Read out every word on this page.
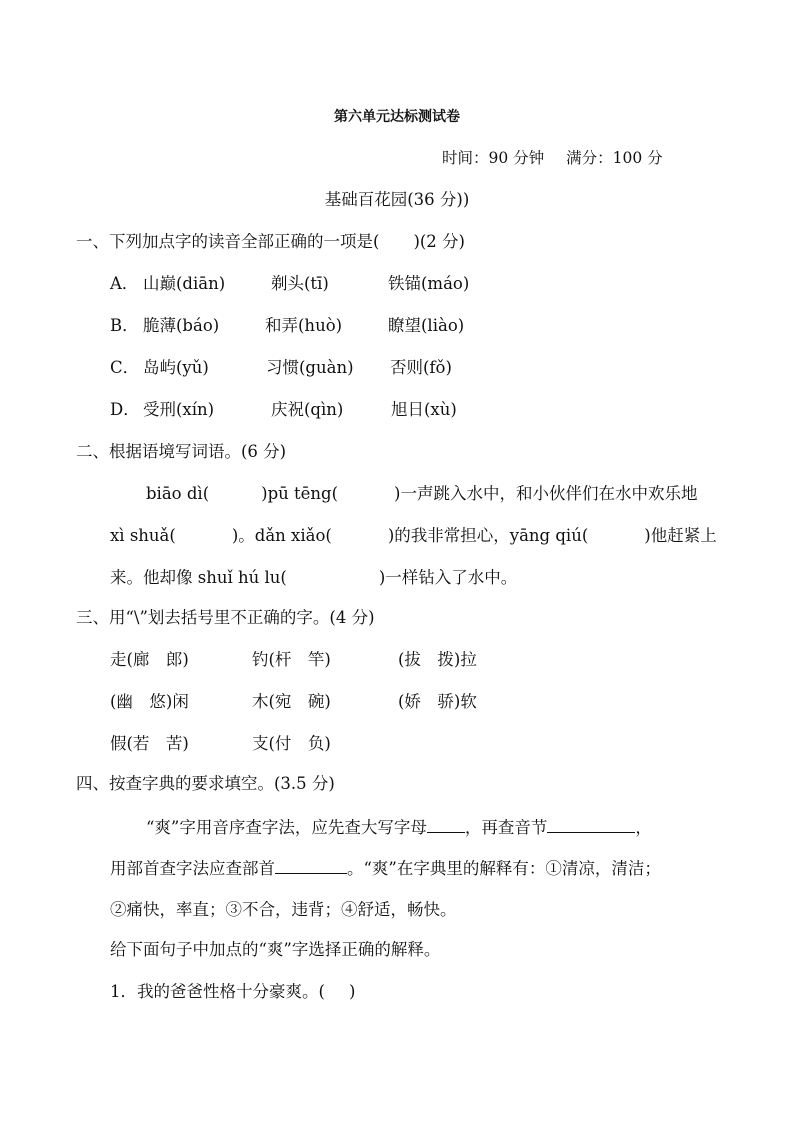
第六单元达标测试卷
时间：90 分钟 满分：100 分
基础百花园(36 分))
一、下列加点字的读音全部正确的一项是( )(2 分)
A． 山巅(diān)	剃头(tī)	铁锚(máo)
B． 脆薄(báo)	和弄(huò)	瞭望(liào)
C． 岛屿(yǔ)	习惯(guàn) 否则(fǒ)
D． 受刑(xín)	庆祝(qìn)	旭日(xù)
二、根据语境写词语。(6 分)
biāo dì(	)pū tēng(	)一声跳入水中，和小伙伴们在水中欢乐地
xì shuǎ(	)。dǎn xiǎo(	)的我非常担心，yāng qiú(	)他赶紧上
来。他却像 shuǐ hú lu(	)一样钻入了水中。
三、用“\”划去括号里不正确的字。(4 分)
走(廊　郎)	钓(杆　竿)	(拔　拨)拉
(幽　悠)闲	木(宛　碗)	(娇　骄)软
假(若　苦)	支(付　负)
四、按查字典的要求填空。(3.5 分)
“爽”字用音序查字法，应先查大写字母 ，再查音节	，
用部首查字法应查部首	。“爽”在字典里的解释有：①清凉，清洁；
②痛快，率直；③不合，违背；④舒适，畅快。
给下面句子中加点的“爽”字选择正确的解释。
1．我的爸爸性格十分豪爽。( )
